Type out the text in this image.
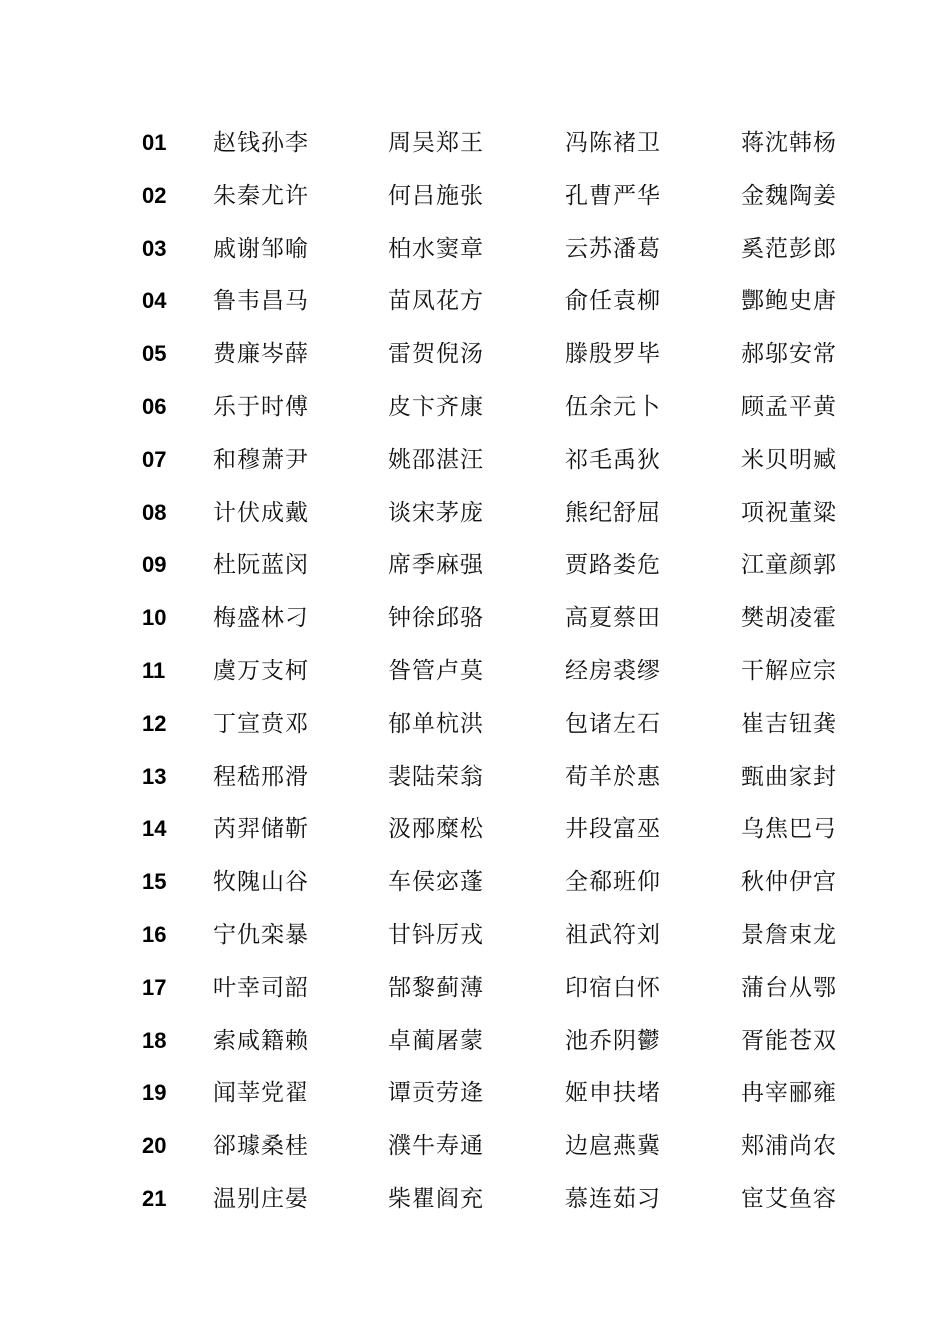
01	赵钱孙李	周吴郑王	冯陈褚卫	蒋沈韩杨
02	朱秦尤许	何吕施张	孔曹严华	金魏陶姜
03	戚谢邹喻	柏水窦章	云苏潘葛	奚范彭郎
04	鲁韦昌马	苗凤花方	俞任袁柳	酆鲍史唐
05	费廉岑薛	雷贺倪汤	滕殷罗毕	郝邬安常
06	乐于时傅	皮卞齐康	伍余元卜	顾孟平黄
07	和穆萧尹	姚邵湛汪	祁毛禹狄	米贝明臧
08	计伏成戴	谈宋茅庞	熊纪舒屈	项祝董粱
09	杜阮蓝闵	席季麻强	贾路娄危	江童颜郭
10	梅盛林刁	钟徐邱骆	高夏蔡田	樊胡凌霍
11	虞万支柯	昝管卢莫	经房裘缪	干解应宗
12	丁宣贲邓	郁单杭洪	包诸左石	崔吉钮龚
13	程嵇邢滑	裴陆荣翁	荀羊於惠	甄曲家封
14	芮羿储靳	汲邴糜松	井段富巫	乌焦巴弓
15	牧隗山谷	车侯宓蓬	全郗班仰	秋仲伊宫
16	宁仇栾暴	甘钭厉戎	祖武符刘	景詹束龙
17	叶幸司韶	郜黎蓟薄	印宿白怀	蒲台从鄂
18	索咸籍赖	卓蔺屠蒙	池乔阴鬱	胥能苍双
19	闻莘党翟	谭贡劳逄	姬申扶堵	冉宰郦雍
20	郤璩桑桂	濮牛寿通	边扈燕冀	郏浦尚农
21	温别庄晏	柴瞿阎充	慕连茹习	宦艾鱼容
